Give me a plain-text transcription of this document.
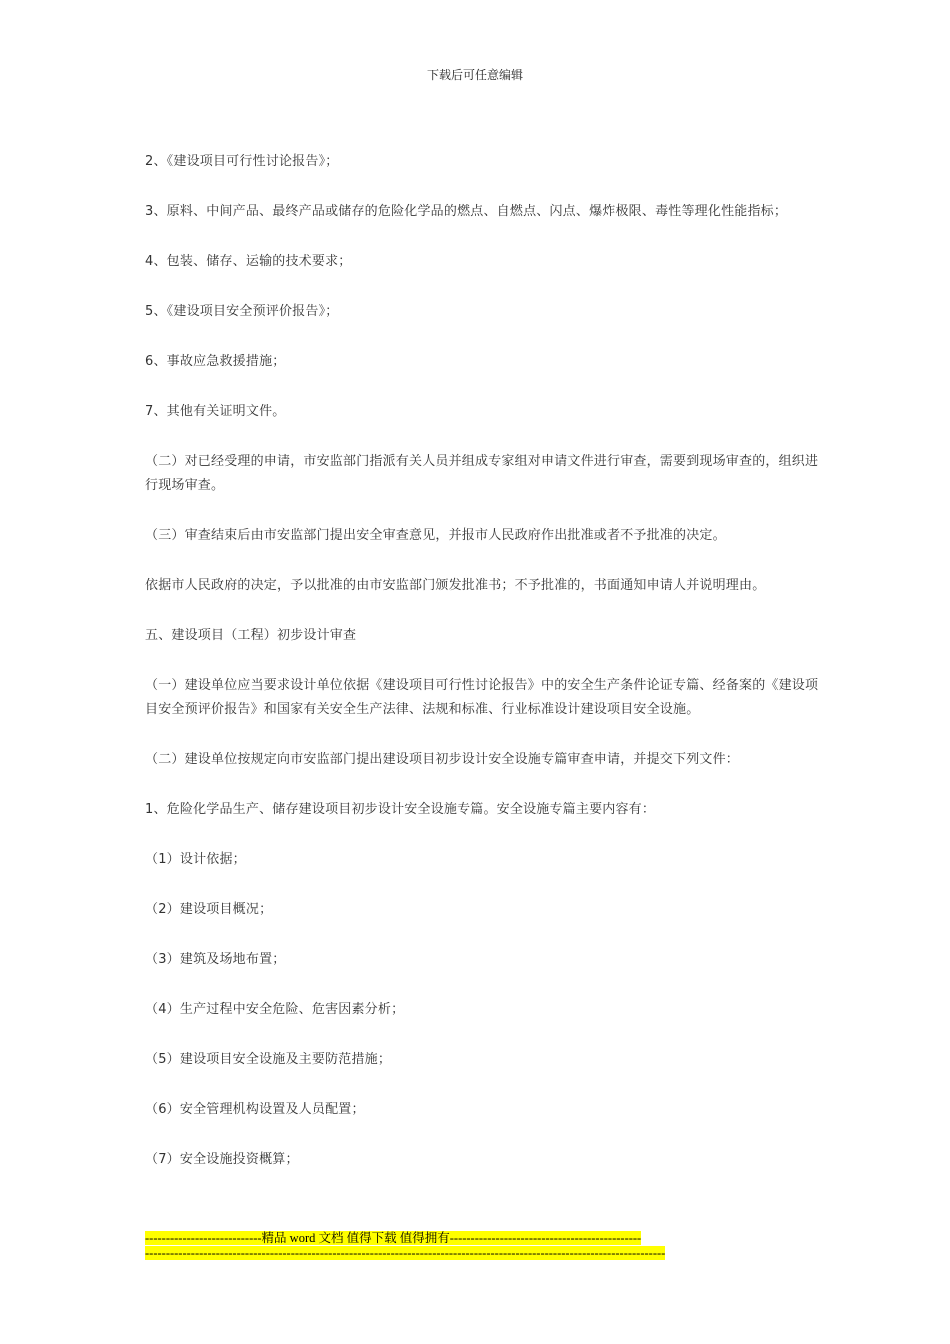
下载后可任意编辑

2、《建设项目可行性讨论报告》；

3、原料、中间产品、最终产品或储存的危险化学品的燃点、自燃点、闪点、爆炸极限、毒性等理化性能指标；

4、包装、储存、运输的技术要求；

5、《建设项目安全预评价报告》；

6、事故应急救援措施；

7、其他有关证明文件。

（二）对已经受理的申请，市安监部门指派有关人员并组成专家组对申请文件进行审查，需要到现场审查的，组织进行现场审查。

（三）审查结束后由市安监部门提出安全审查意见，并报市人民政府作出批准或者不予批准的决定。

依据市人民政府的决定，予以批准的由市安监部门颁发批准书；不予批准的，书面通知申请人并说明理由。

五、建设项目（工程）初步设计审查

（一）建设单位应当要求设计单位依据《建设项目可行性讨论报告》中的安全生产条件论证专篇、经备案的《建设项目安全预评价报告》和国家有关安全生产法律、法规和标准、行业标准设计建设项目安全设施。

（二）建设单位按规定向市安监部门提出建设项目初步设计安全设施专篇审查申请，并提交下列文件：

1、危险化学品生产、储存建设项目初步设计安全设施专篇。安全设施专篇主要内容有：

（1）设计依据；

（2）建设项目概况；

（3）建筑及场地布置；

（4）生产过程中安全危险、危害因素分析；

（5）建设项目安全设施及主要防范措施；

（6）安全管理机构设置及人员配置；

（7）安全设施投资概算；

----------------------------精品 word 文档 值得下载 值得拥有----------------------------------------------
-----------------------------------------------------------------------------------------------------------------------------
